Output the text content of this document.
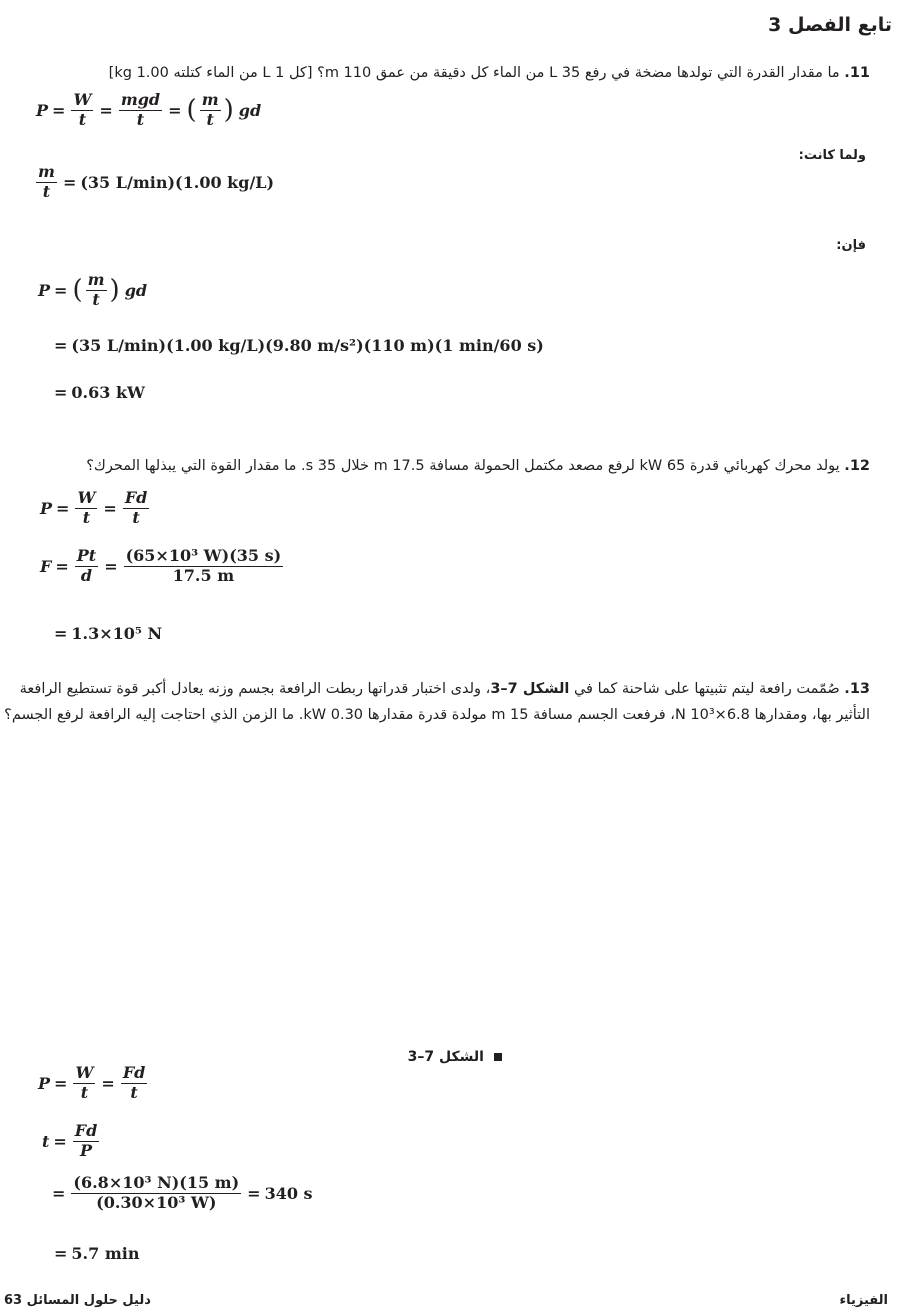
تابع الفصل 3
11. ما مقدار القدرة التي تولدها مضخة في رفع 35 L من الماء كل دقيقة من عمق 110 m؟ [كل 1 L من الماء كتلته 1.00 kg]
$P = \frac{W}{t} = \frac{\text{mgd}}{t}$ = ( $\frac{m}{t}$ ) gd
ولما كانت:
$\frac{m}{t} = (35$ L/min)(1.00 kg/L)
فإن:
P = ( $\frac{m}{t}$ ) gd
= (35 L/min)(1.00 kg/L)(9.80 m/s²)(110 m)(1 min/60 s)
= 0.63 kW
12. يولد محرك كهربائي قدرة 65 kW لرفع مصعد مكتمل الحمولة مسافة 17.5 m خلال 35 s. ما مقدار القوة التي يبذلها المحرك؟
$P = \frac{W}{t} = \frac{Fd}{t}$
$F = \frac{Pt}{d} = \frac{\text{(65×10³ W)(35 s)}}{17.5 m}$
= 1.3×10⁵ N
13. صُمّمت رافعة ليتم تثبيتها على شاحنة كما في الشكل 7–3، ولدى اختبار قدراتها ربطت الرافعة بجسم وزنه يعادل أكبر قوة تستطيع الرافعة التأثير بها، ومقدارها 6.8×10³ N، فرفعت الجسم مسافة 15 m مولدة قدرة مقدارها 0.30 kW. ما الزمن الذي احتاجت إليه الرافعة لرفع الجسم؟
الشكل 7–3
$P = \frac{W}{t} = \frac{Fd}{t}$
$t = \frac{Fd}{P}$
= $\frac{\text{(6.8×10³ N)(15 m)}}{\text{(0.30×10³ W)}} = 340$ s
= 5.7 min
دليل حلول المسائل 63	الفيزياء
